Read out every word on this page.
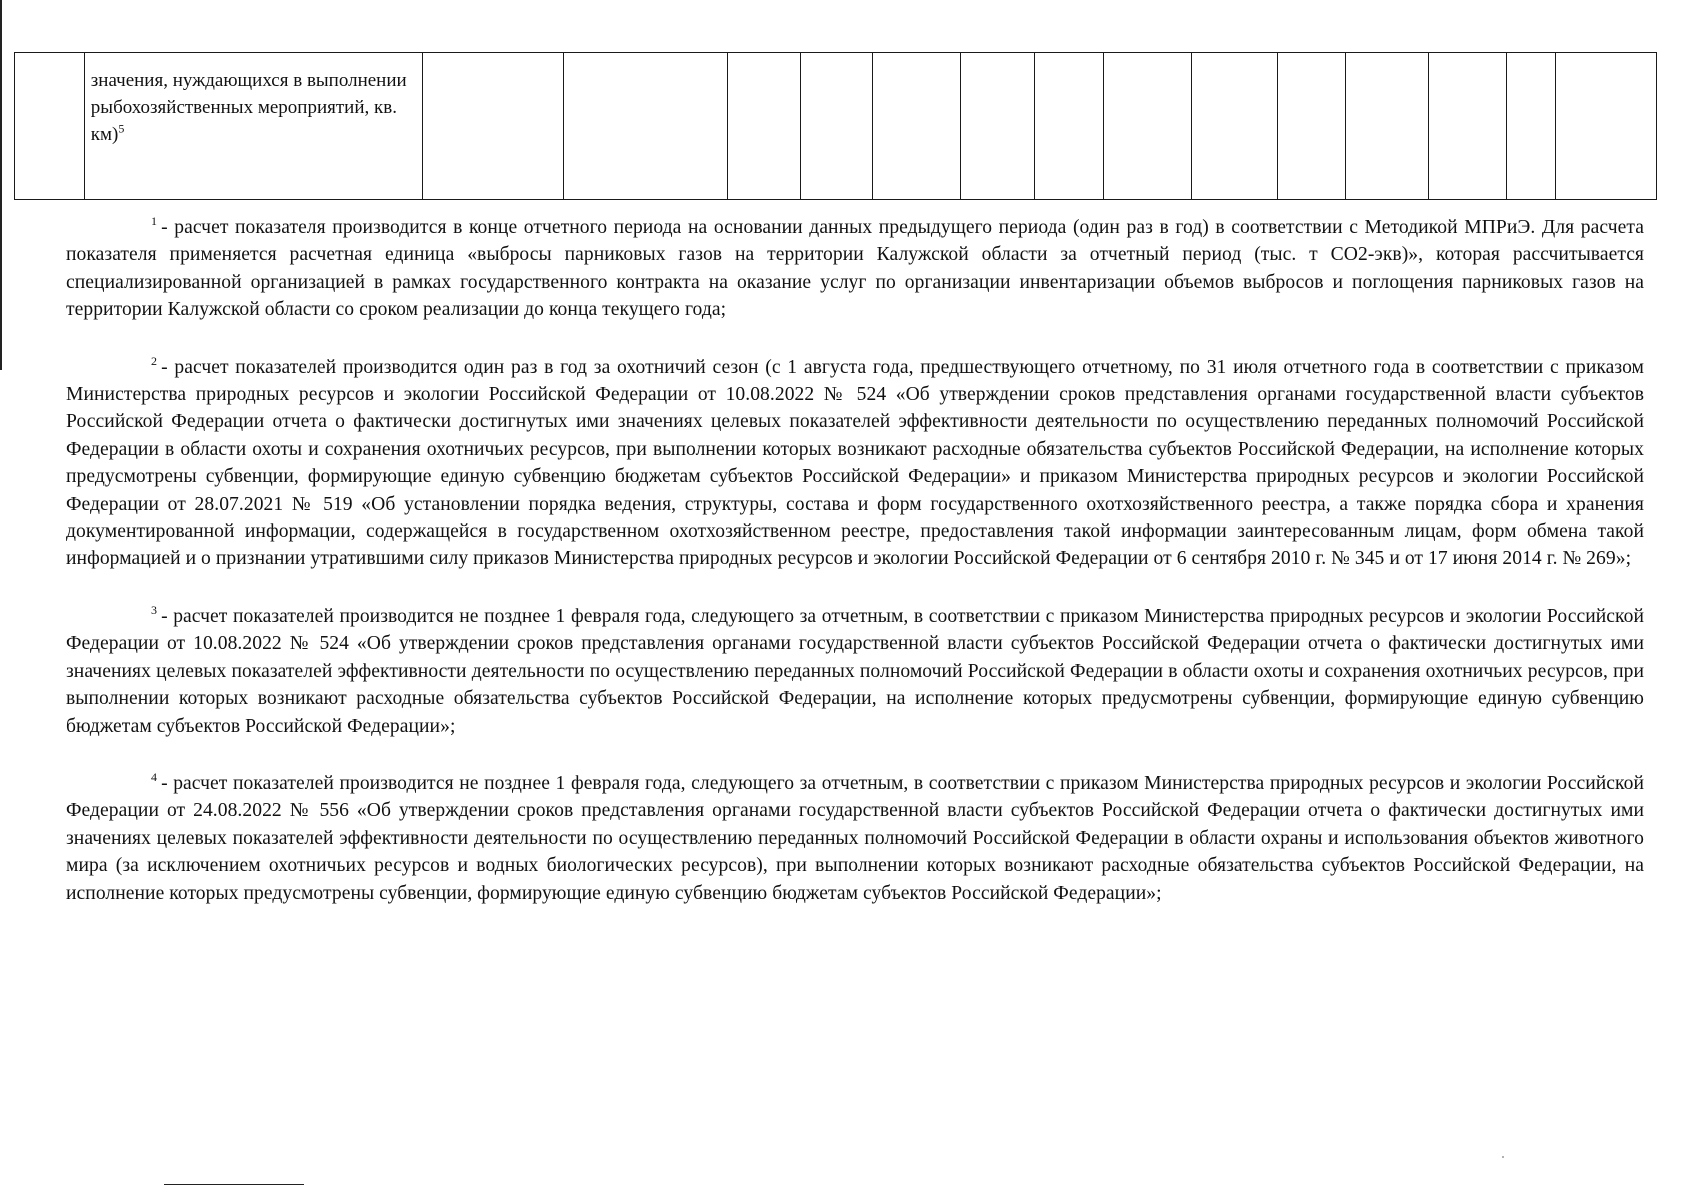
	значения, нуждающихся в выполнении рыбохозяйственных мероприятий, кв. км)$^5$														

$^1$ - расчет показателя производится в конце отчетного периода на основании данных предыдущего периода (один раз в год) в соответствии с Методикой МПРиЭ. Для расчета показателя применяется расчетная единица «выбросы парниковых газов на территории Калужской области за отчетный период (тыс. т СО2-экв)», которая рассчитывается специализированной организацией в рамках государственного контракта на оказание услуг по организации инвентаризации объемов выбросов и поглощения парниковых газов на территории Калужской области со сроком реализации до конца текущего года;

$^2$ - расчет показателей производится один раз в год за охотничий сезон (с 1 августа года, предшествующего отчетному, по 31 июля отчетного года в соответствии с приказом Министерства природных ресурсов и экологии Российской Федерации от 10.08.2022 № 524 «Об утверждении сроков представления органами государственной власти субъектов Российской Федерации отчета о фактически достигнутых ими значениях целевых показателей эффективности деятельности по осуществлению переданных полномочий Российской Федерации в области охоты и сохранения охотничьих ресурсов, при выполнении которых возникают расходные обязательства субъектов Российской Федерации, на исполнение которых предусмотрены субвенции, формирующие единую субвенцию бюджетам субъектов Российской Федерации» и приказом Министерства природных ресурсов и экологии Российской Федерации от 28.07.2021 № 519 «Об установлении порядка ведения, структуры, состава и форм государственного охотхозяйственного реестра, а также порядка сбора и хранения документированной информации, содержащейся в государственном охотхозяйственном реестре, предоставления такой информации заинтересованным лицам, форм обмена такой информацией и о признании утратившими силу приказов Министерства природных ресурсов и экологии Российской Федерации от 6 сентября 2010 г. № 345 и от 17 июня 2014 г. № 269»;

$^3$ - расчет показателей производится не позднее 1 февраля года, следующего за отчетным, в соответствии с приказом Министерства природных ресурсов и экологии Российской Федерации от 10.08.2022 № 524 «Об утверждении сроков представления органами государственной власти субъектов Российской Федерации отчета о фактически достигнутых ими значениях целевых показателей эффективности деятельности по осуществлению переданных полномочий Российской Федерации в области охоты и сохранения охотничьих ресурсов, при выполнении которых возникают расходные обязательства субъектов Российской Федерации, на исполнение которых предусмотрены субвенции, формирующие единую субвенцию бюджетам субъектов Российской Федерации»;

$^4$ - расчет показателей производится не позднее 1 февраля года, следующего за отчетным, в соответствии с приказом Министерства природных ресурсов и экологии Российской Федерации от 24.08.2022 № 556 «Об утверждении сроков представления органами государственной власти субъектов Российской Федерации отчета о фактически достигнутых ими значениях целевых показателей эффективности деятельности по осуществлению переданных полномочий Российской Федерации в области охраны и использования объектов животного мира (за исключением охотничьих ресурсов и водных биологических ресурсов), при выполнении которых возникают расходные обязательства субъектов Российской Федерации, на исполнение которых предусмотрены субвенции, формирующие единую субвенцию бюджетам субъектов Российской Федерации»;
